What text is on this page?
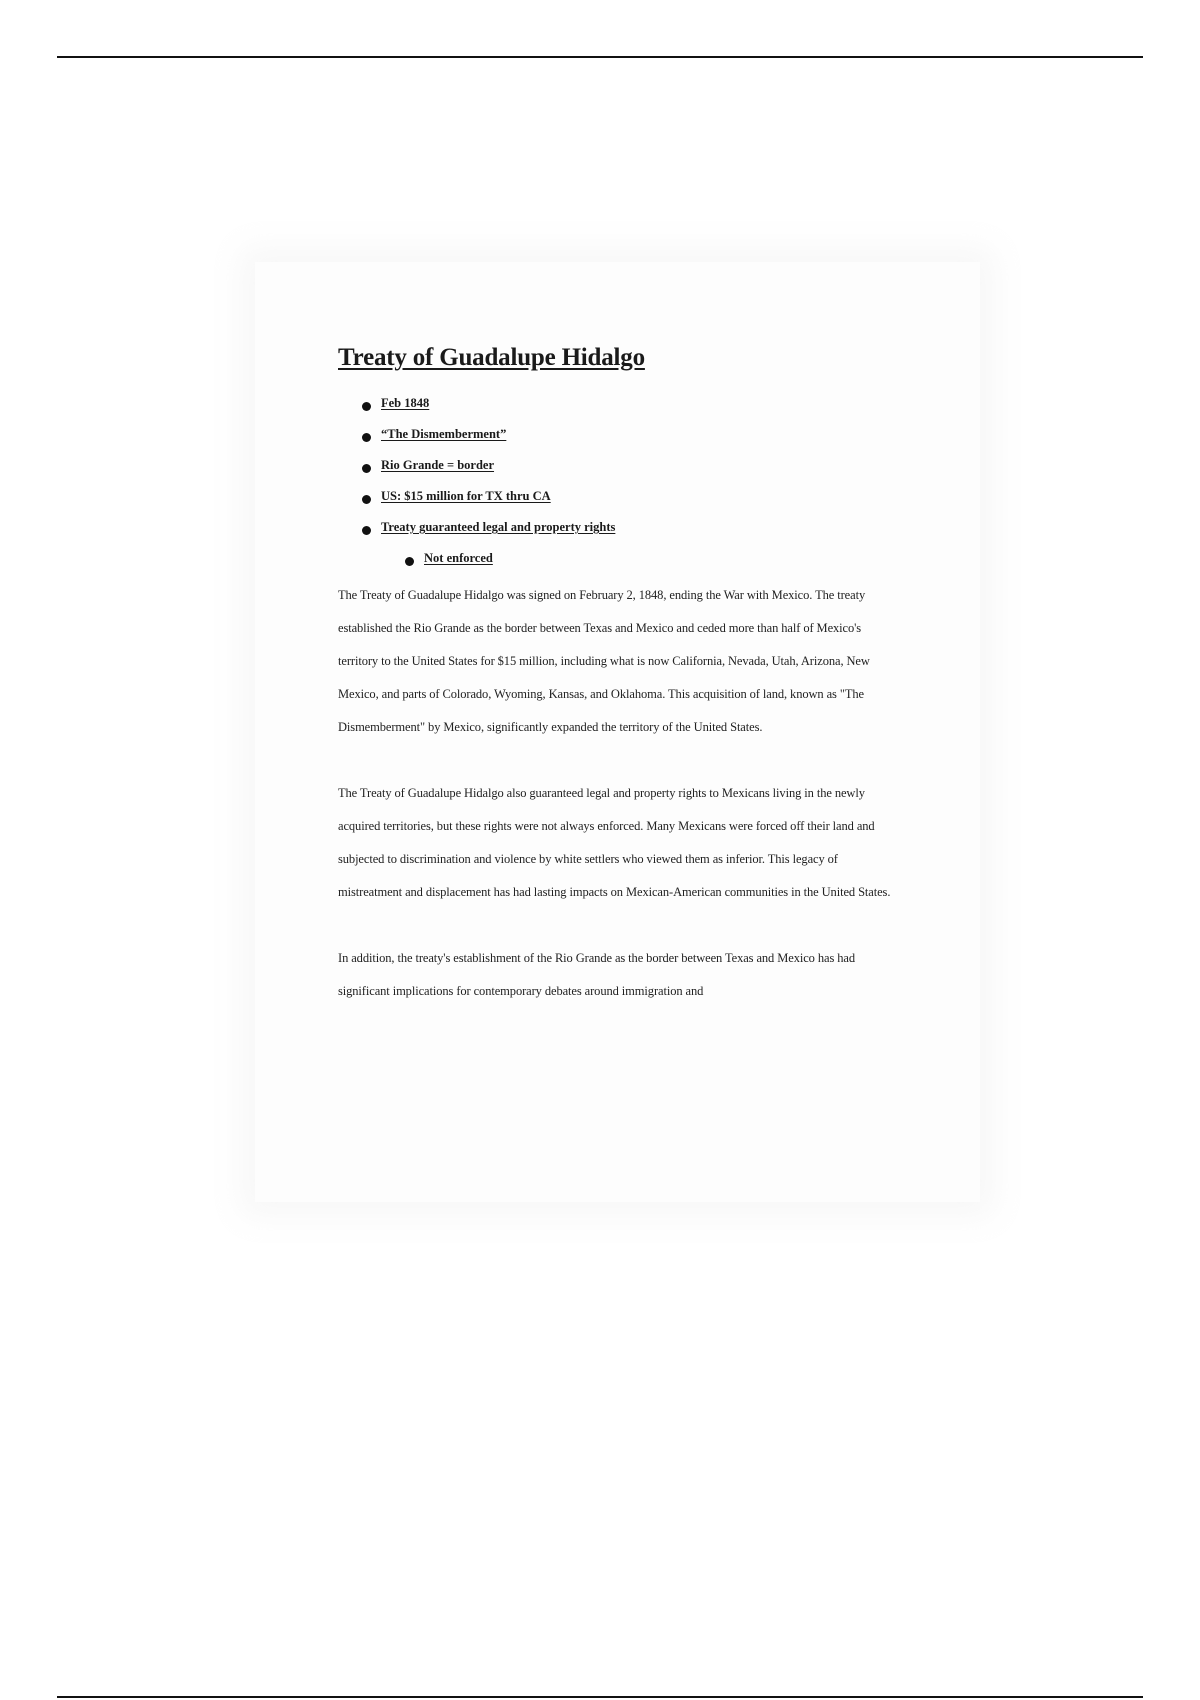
Treaty of Guadalupe Hidalgo
Feb 1848
“The Dismemberment”
Rio Grande = border
US: $15 million for TX thru CA
Treaty guaranteed legal and property rights
Not enforced

The Treaty of Guadalupe Hidalgo was signed on February 2, 1848, ending the War with Mexico. The treaty established the Rio Grande as the border between Texas and Mexico and ceded more than half of Mexico's territory to the United States for $15 million, including what is now California, Nevada, Utah, Arizona, New Mexico, and parts of Colorado, Wyoming, Kansas, and Oklahoma. This acquisition of land, known as "The Dismemberment" by Mexico, significantly expanded the territory of the United States.

The Treaty of Guadalupe Hidalgo also guaranteed legal and property rights to Mexicans living in the newly acquired territories, but these rights were not always enforced. Many Mexicans were forced off their land and subjected to discrimination and violence by white settlers who viewed them as inferior. This legacy of mistreatment and displacement has had lasting impacts on Mexican-American communities in the United States.

In addition, the treaty's establishment of the Rio Grande as the border between Texas and Mexico has had significant implications for contemporary debates around immigration and
